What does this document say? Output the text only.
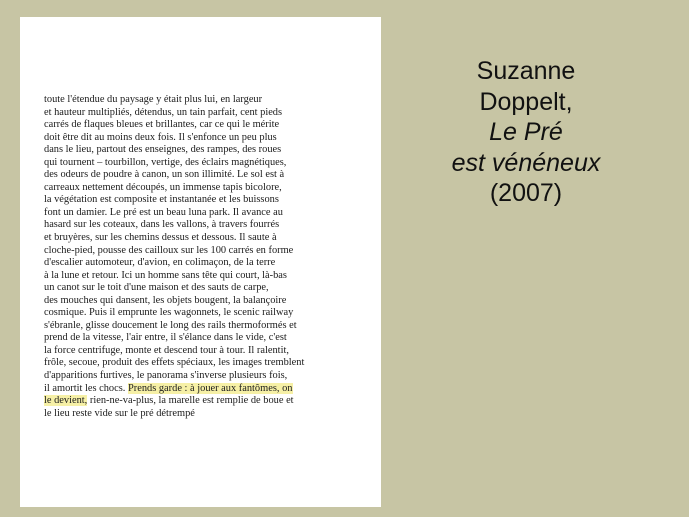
toute l'étendue du paysage y était plus lui, en largeur
et hauteur multipliés, détendus, un tain parfait, cent pieds
carrés de flaques bleues et brillantes, car ce qui le mérite
doit être dit au moins deux fois. Il s'enfonce un peu plus
dans le lieu, partout des enseignes, des rampes, des roues
qui tournent – tourbillon, vertige, des éclairs magnétiques,
des odeurs de poudre à canon, un son illimité. Le sol est à
carreaux nettement découpés, un immense tapis bicolore,
la végétation est composite et instantanée et les buissons
font un damier. Le pré est un beau luna park. Il avance au
hasard sur les coteaux, dans les vallons, à travers fourrés
et bruyères, sur les chemins dessus et dessous. Il saute à
cloche-pied, pousse des cailloux sur les 100 carrés en forme
d'escalier automoteur, d'avion, en colimaçon, de la terre
à la lune et retour. Ici un homme sans tête qui court, là-bas
un canot sur le toit d'une maison et des sauts de carpe,
des mouches qui dansent, les objets bougent, la balançoire
cosmique. Puis il emprunte les wagonnets, le scenic railway
s'ébranle, glisse doucement le long des rails thermoformés et
prend de la vitesse, l'air entre, il s'élance dans le vide, c'est
la force centrifuge, monte et descend tour à tour. Il ralentit,
frôle, secoue, produit des effets spéciaux, les images tremblent
d'apparitions furtives, le panorama s'inverse plusieurs fois,
il amortit les chocs. Prends garde : à jouer aux fantômes, on
le devient, rien-ne-va-plus, la marelle est remplie de boue et
le lieu reste vide sur le pré détrempé

Suzanne
Doppelt,
Le Pré
est vénéneux
(2007)
